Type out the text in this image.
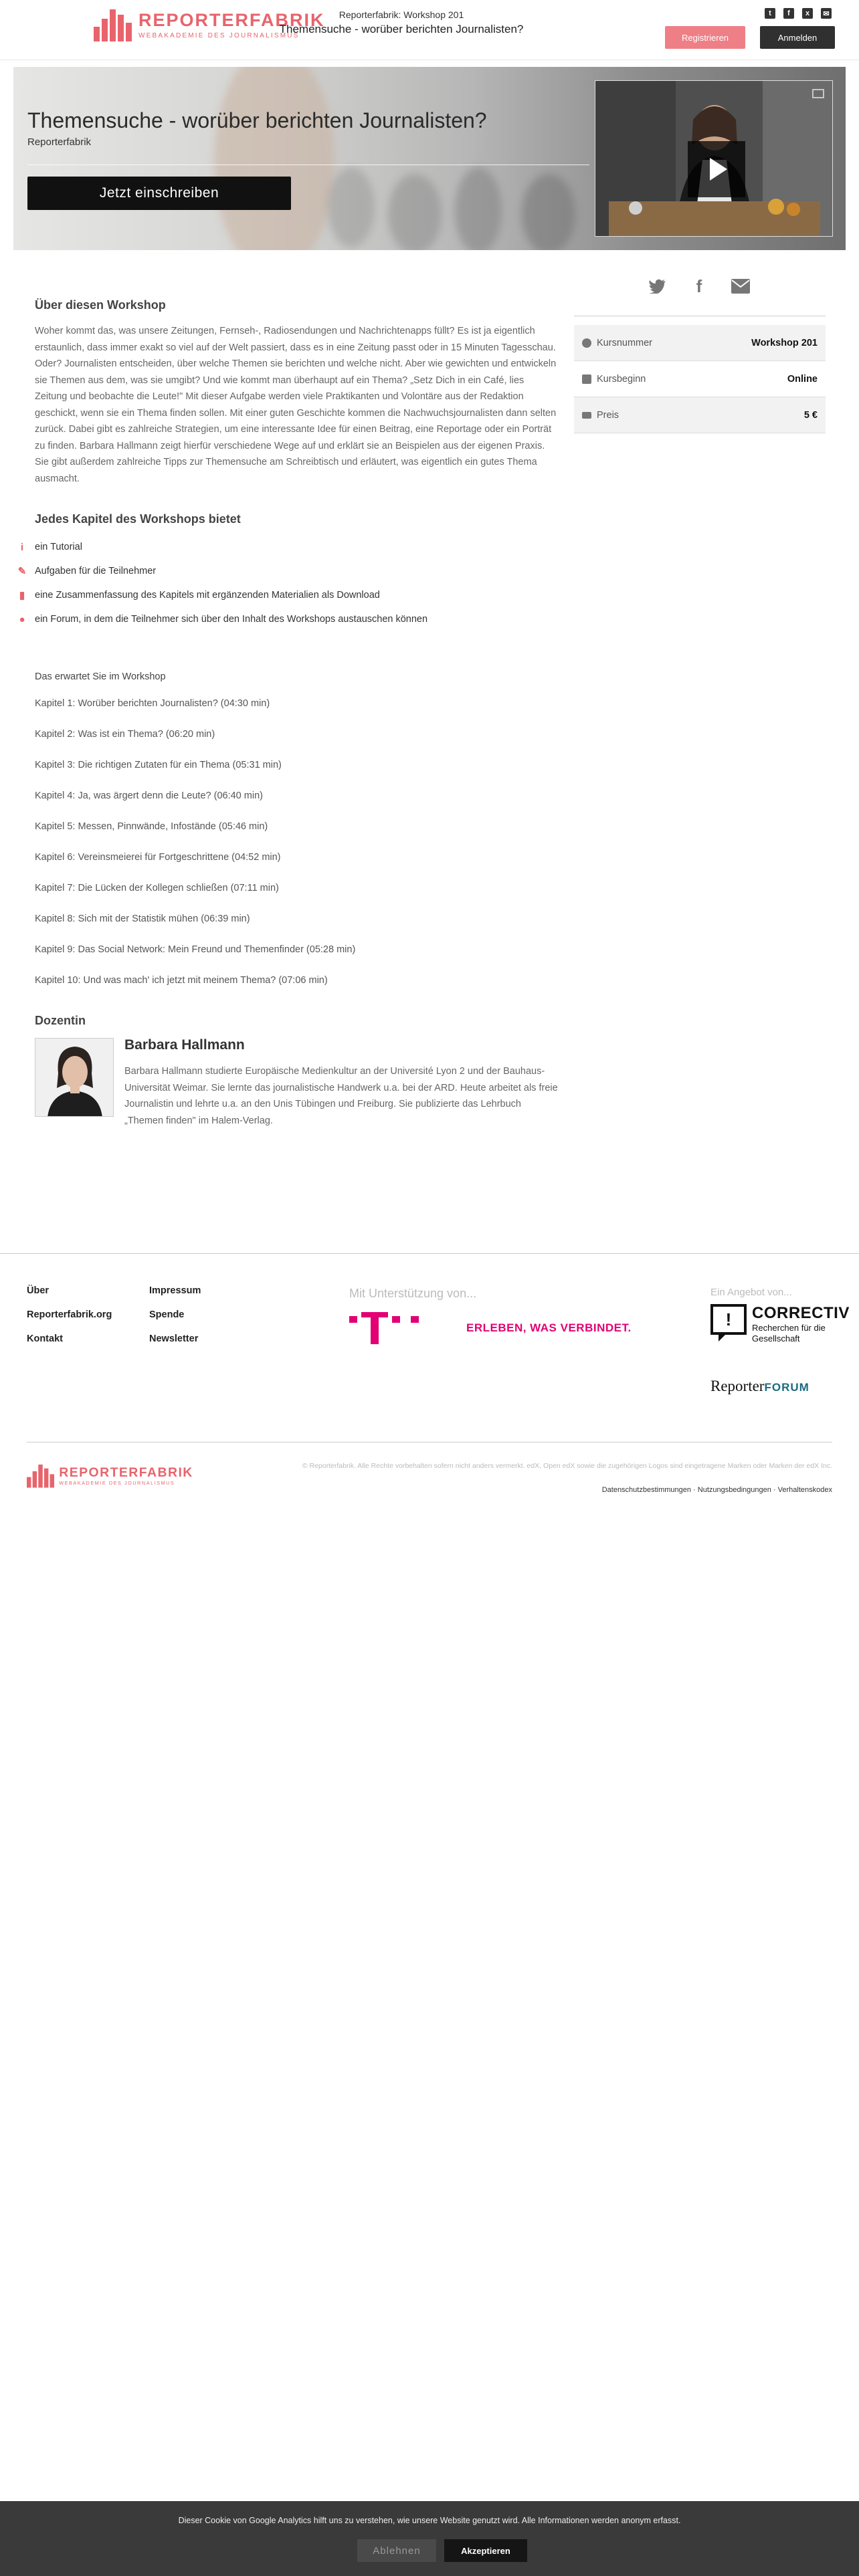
REPORTERFABRIK
WEBAKADEMIE DES JOURNALISMUS
Reporterfabrik: Workshop 201
Themensuche - worüber berichten Journalisten?
t	f	x	✉
Registrieren	Anmelden
Themensuche - worüber berichten Journalisten?
Reporterfabrik
Jetzt einschreiben
Über diesen Workshop
Woher kommt das, was unsere Zeitungen, Fernseh-, Radiosendungen und Nachrichtenapps füllt? Es ist ja eigentlich erstaunlich, dass immer exakt so viel auf der Welt passiert, dass es in eine Zeitung passt oder in 15 Minuten Tagesschau. Oder? Journalisten entscheiden, über welche Themen sie berichten und welche nicht. Aber wie gewichten und entwickeln sie Themen aus dem, was sie umgibt? Und wie kommt man überhaupt auf ein Thema? „Setz Dich in ein Café, lies Zeitung und beobachte die Leute!" Mit dieser Aufgabe werden viele Praktikanten und Volontäre aus der Redaktion geschickt, wenn sie ein Thema finden sollen. Mit einer guten Geschichte kommen die Nachwuchsjournalisten dann selten zurück. Dabei gibt es zahlreiche Strategien, um eine interessante Idee für einen Beitrag, eine Reportage oder ein Porträt zu finden. Barbara Hallmann zeigt hierfür verschiedene Wege auf und erklärt sie an Beispielen aus der eigenen Praxis. Sie gibt außerdem zahlreiche Tipps zur Themensuche am Schreibtisch und erläutert, was eigentlich ein gutes Thema ausmacht.
Jedes Kapitel des Workshops bietet
i	ein Tutorial
✎ Aufgaben für die Teilnehmer
▮	eine Zusammenfassung des Kapitels mit ergänzenden Materialien als Download
● ein Forum, in dem die Teilnehmer sich über den Inhalt des Workshops austauschen können
Das erwartet Sie im Workshop
Kapitel 1: Worüber berichten Journalisten? (04:30 min)
Kapitel 2: Was ist ein Thema? (06:20 min)
Kapitel 3: Die richtigen Zutaten für ein Thema (05:31 min)
Kapitel 4: Ja, was ärgert denn die Leute? (06:40 min)
Kapitel 5: Messen, Pinnwände, Infostände (05:46 min)
Kapitel 6: Vereinsmeierei für Fortgeschrittene (04:52 min)
Kapitel 7: Die Lücken der Kollegen schließen (07:11 min)
Kapitel 8: Sich mit der Statistik mühen (06:39 min)
Kapitel 9: Das Social Network: Mein Freund und Themenfinder (05:28 min)
Kapitel 10: Und was mach' ich jetzt mit meinem Thema? (07:06 min)
Dozentin
Barbara Hallmann
Barbara Hallmann studierte Europäische Medienkultur an der Université Lyon 2 und der Bauhaus-Universität Weimar. Sie lernte das journalistische Handwerk u.a. bei der ARD. Heute arbeitet als freie Journalistin und lehrte u.a. an den Unis Tübingen und Freiburg. Sie publizierte das Lehrbuch „Themen finden" im Halem-Verlag.
f
Kursnummer	Workshop 201
Kursbeginn	Online
Preis	5 €
Über
Reporterfabrik.org
Kontakt
Impressum
Spende
Newsletter
Mit Unterstützung von...
ERLEBEN, WAS VERBINDET.
Ein Angebot von...
!	CORRECTIV
Recherchen für die
Gesellschaft
ReporterFORUM
REPORTERFABRIK
WEBAKADEMIE DES JOURNALISMUS
© Reporterfabrik. Alle Rechte vorbehalten sofern nicht anders vermerkt. edX, Open edX sowie die zugehörigen Logos sind eingetragene Marken oder Marken der edX Inc.
Datenschutzbestimmungen · Nutzungsbedingungen · Verhaltenskodex
Dieser Cookie von Google Analytics hilft uns zu verstehen, wie unsere Website genutzt wird. Alle Informationen werden anonym erfasst.
Ablehnen	Akzeptieren
